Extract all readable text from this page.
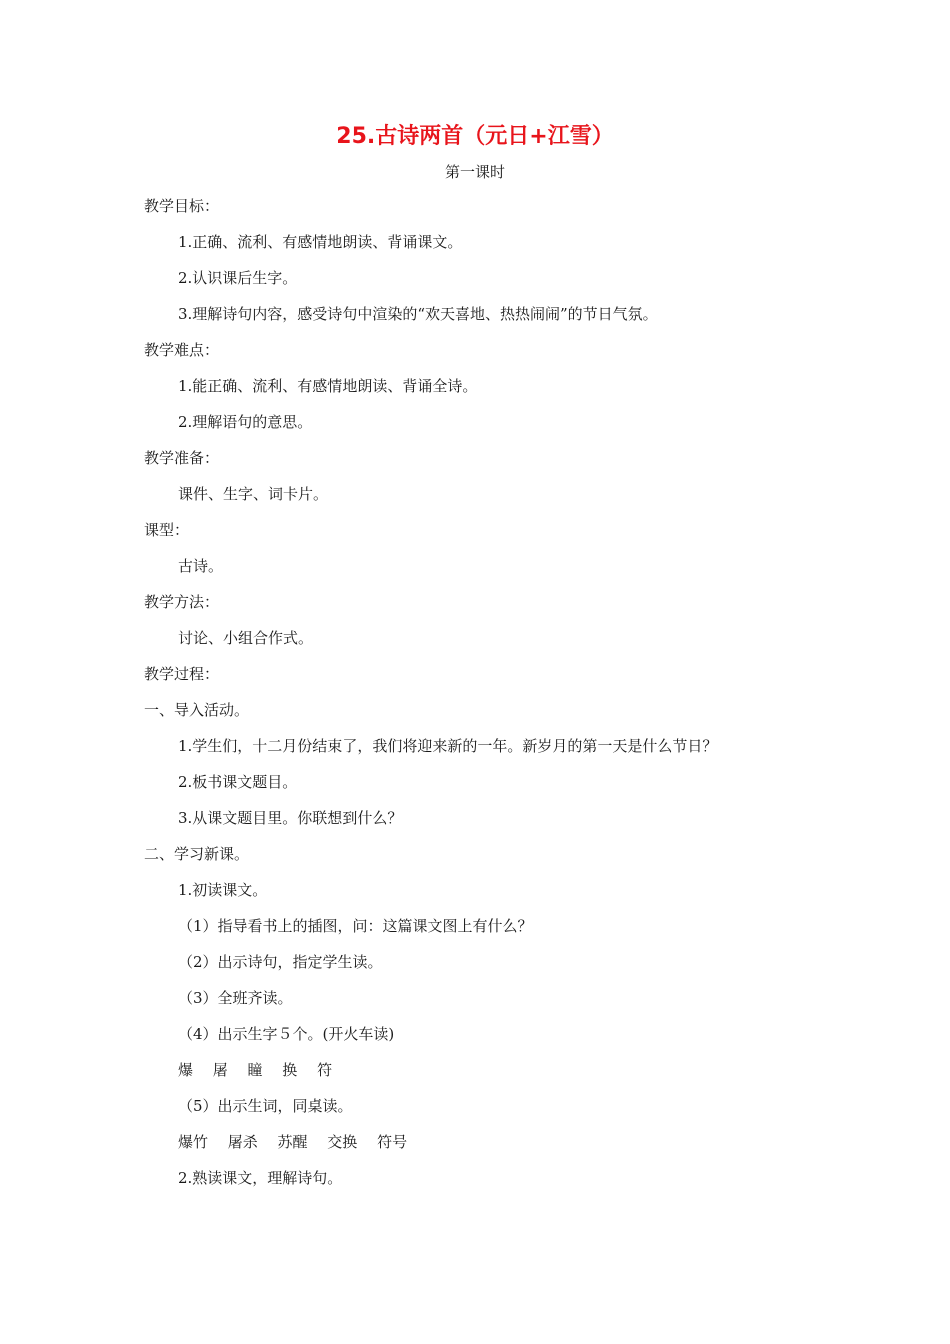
25.古诗两首（元日+江雪）
第一课时
教学目标：
1.正确、流利、有感情地朗读、背诵课文。
2.认识课后生字。
3.理解诗句内容，感受诗句中渲染的“欢天喜地、热热闹闹”的节日气氛。
教学难点：
1.能正确、流利、有感情地朗读、背诵全诗。
2.理解语句的意思。
教学准备：
课件、生字、词卡片。
课型：
古诗。
教学方法：
讨论、小组合作式。
教学过程：
一、导入活动。
1.学生们，十二月份结束了，我们将迎来新的一年。新岁月的第一天是什么节日？
2.板书课文题目。
3.从课文题目里。你联想到什么？
二、学习新课。
1.初读课文。
（1）指导看书上的插图，问：这篇课文图上有什么？
（2）出示诗句，指定学生读。
（3）全班齐读。
（4）出示生字５个。(开火车读)
爆　 屠　 瞳　 换　 符
（5）出示生词，同桌读。
爆竹　 屠杀　 苏醒　 交换　 符号
2.熟读课文，理解诗句。
